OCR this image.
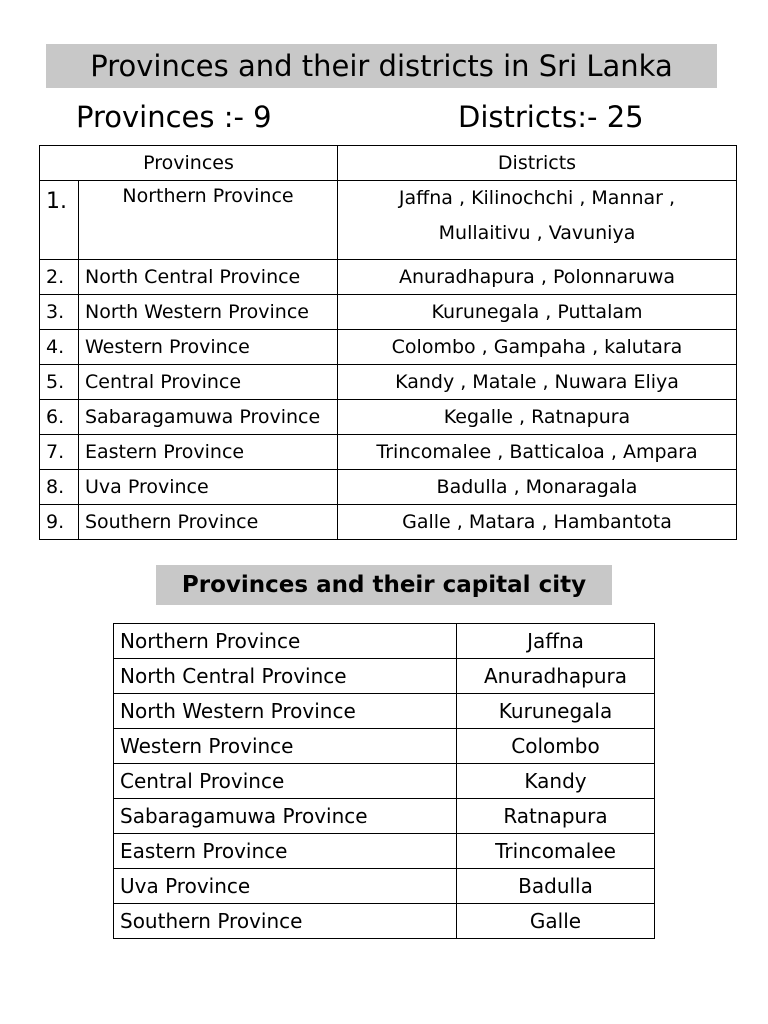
Provinces and their districts in Sri Lanka
Provinces :- 9	Districts:- 25
Provinces		Districts
1.	Northern Province	Jaffna , Kilinochchi , Mannar ,
Mullaitivu , Vavuniya

2.	North Central Province	Anuradhapura , Polonnaruwa
3.	North Western Province	Kurunegala , Puttalam
4.	Western Province	Colombo , Gampaha , kalutara
5.	Central Province	Kandy , Matale , Nuwara Eliya
6.	Sabaragamuwa Province	Kegalle , Ratnapura
7.	Eastern Province	Trincomalee , Batticaloa , Ampara
8.	Uva Province	Badulla , Monaragala
9.	Southern Province	Galle , Matara , Hambantota
Provinces and their capital city
Northern Province	Jaffna
North Central Province	Anuradhapura
North Western Province	Kurunegala
Western Province	Colombo
Central Province	Kandy
Sabaragamuwa Province	Ratnapura
Eastern Province	Trincomalee
Uva Province	Badulla
Southern Province	Galle
